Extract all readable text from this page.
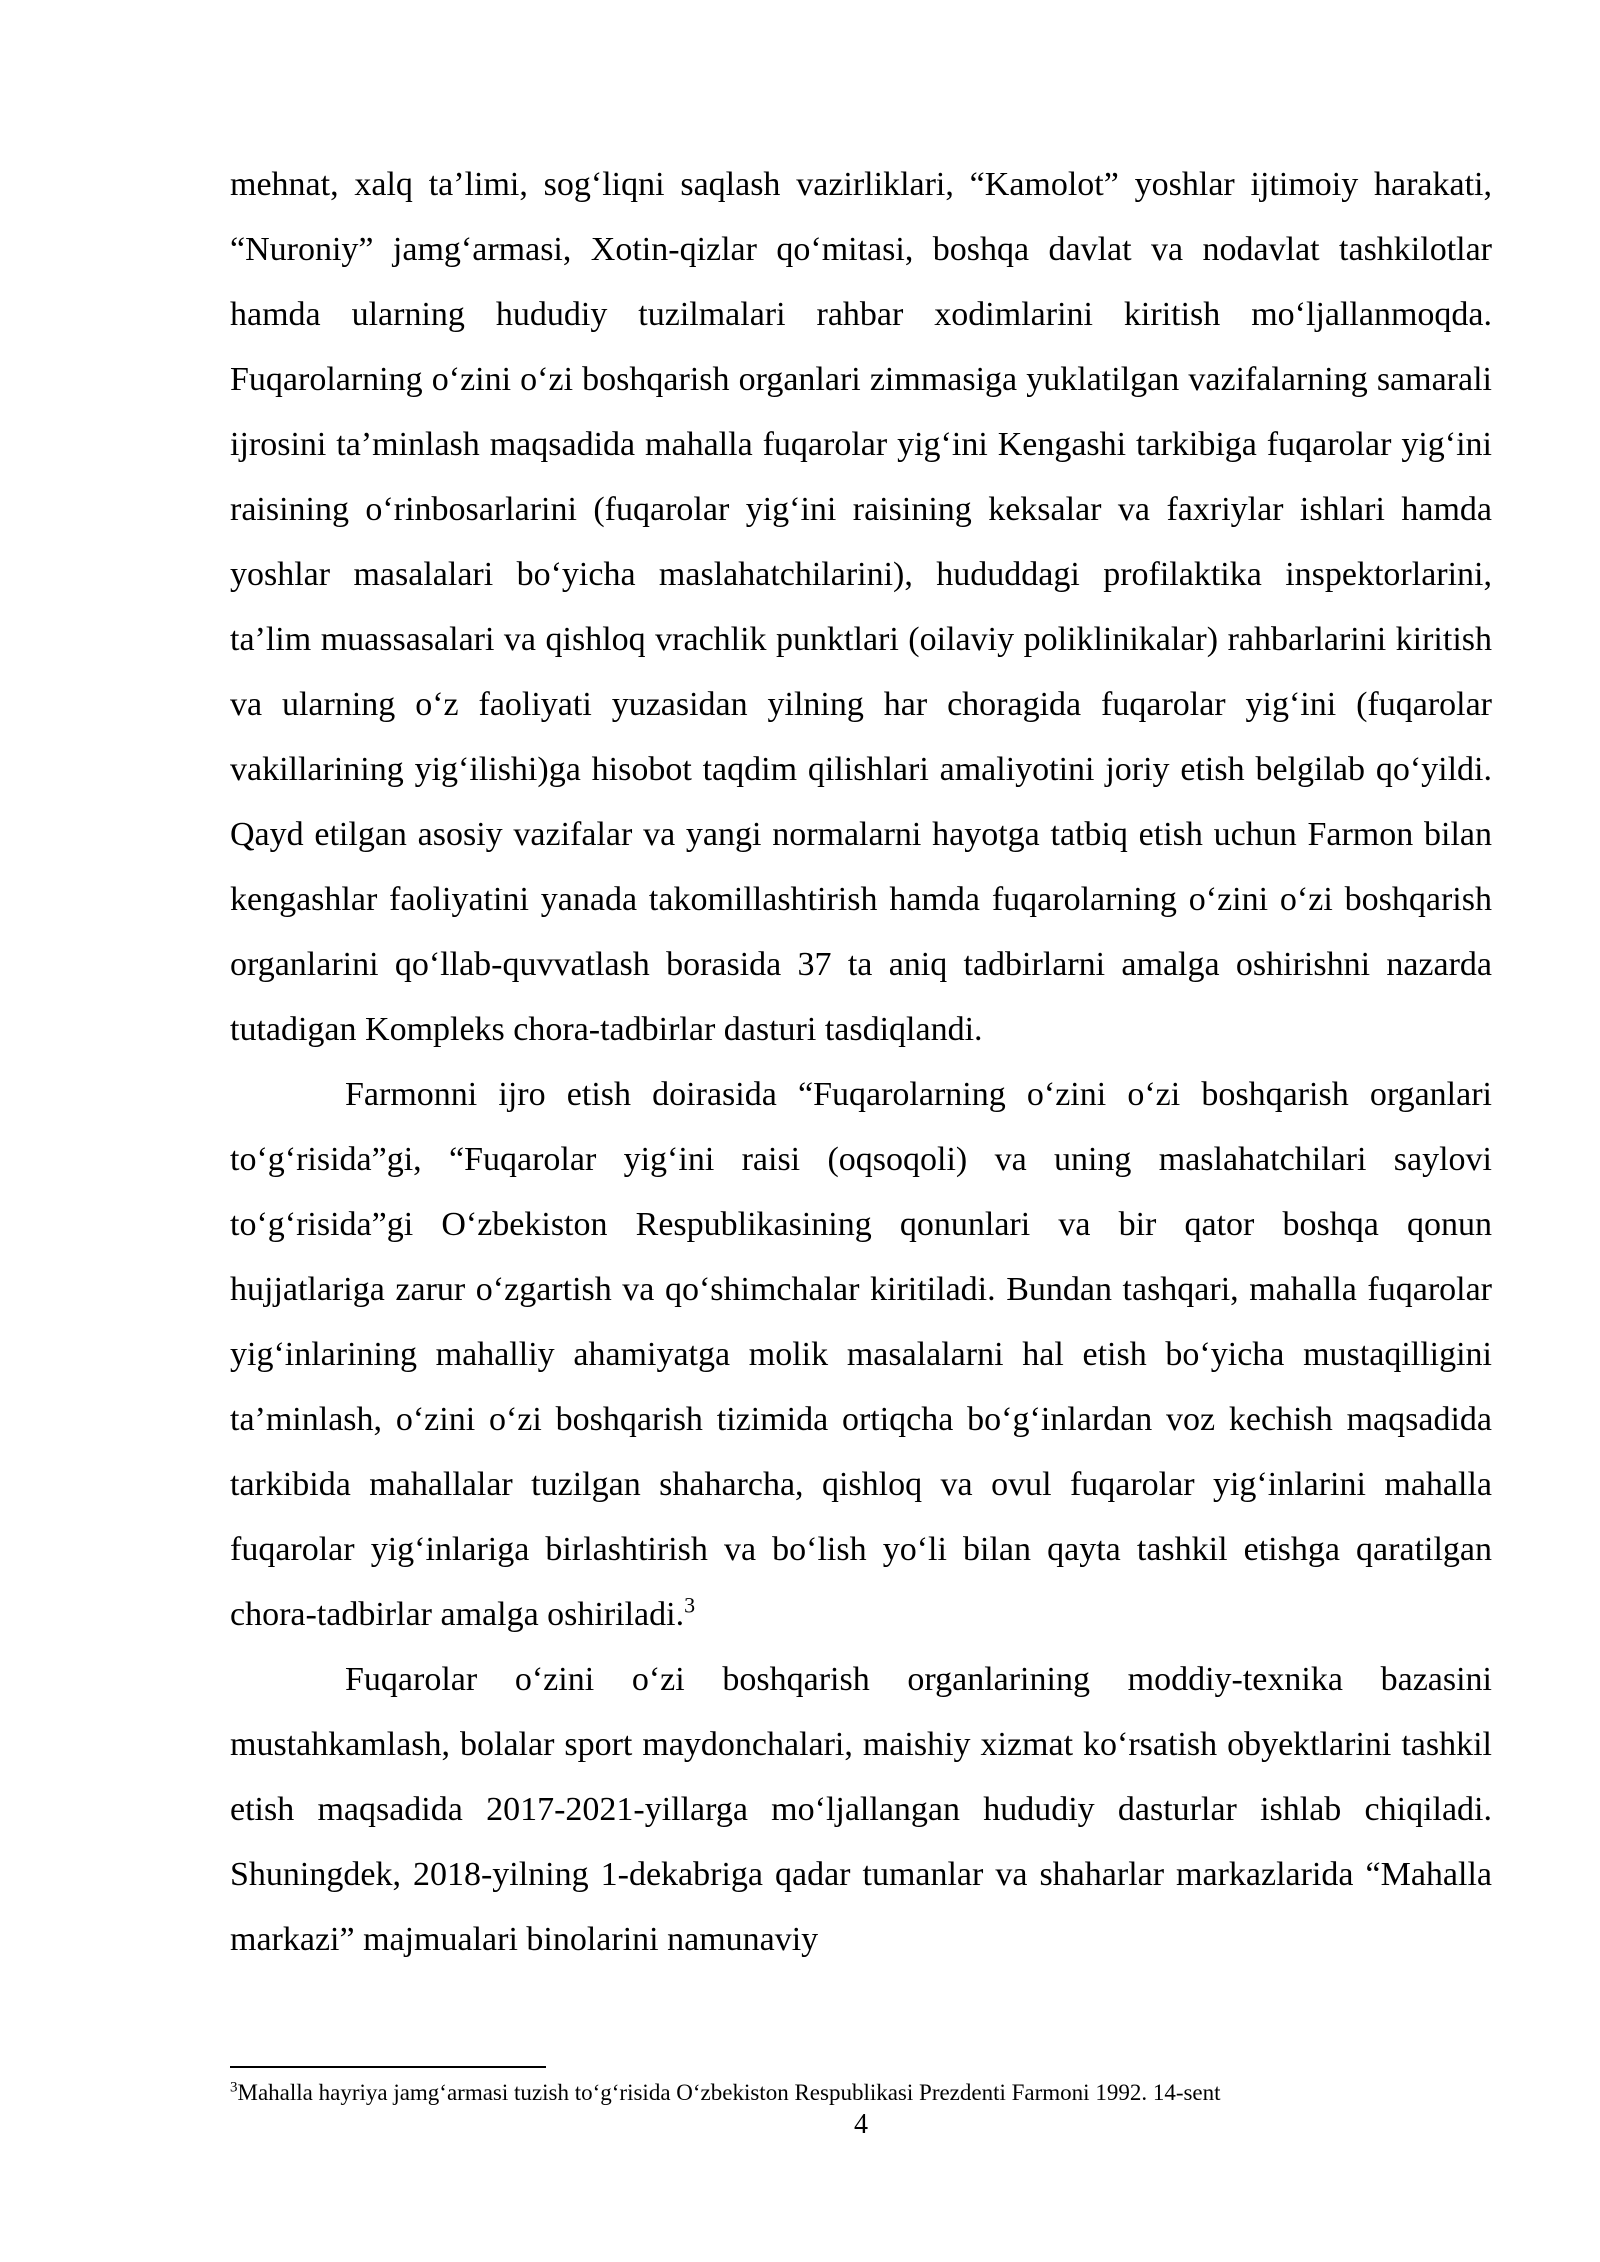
mehnat, xalq ta’limi, sog‘liqni saqlash vazirliklari, “Kamolot” yoshlar ijtimoiy harakati, “Nuroniy” jamg‘armasi, Xotin-qizlar qo‘mitasi, boshqa davlat va nodavlat tashkilotlar hamda ularning hududiy tuzilmalari rahbar xodimlarini kiritish mo‘ljallanmoqda. Fuqarolarning o‘zini o‘zi boshqarish organlari zimmasiga yuklatilgan vazifalarning samarali ijrosini ta’minlash maqsadida mahalla fuqarolar yig‘ini Kengashi tarkibiga fuqarolar yig‘ini raisining o‘rinbosarlarini (fuqarolar yig‘ini raisining keksalar va faxriylar ishlari hamda yoshlar masalalari bo‘yicha maslahatchilarini), hududdagi profilaktika inspektorlarini, ta’lim muassasalari va qishloq vrachlik punktlari (oilaviy poliklinikalar) rahbarlarini kiritish va ularning o‘z faoliyati yuzasidan yilning har choragida fuqarolar yig‘ini (fuqarolar vakillarining yig‘ilishi)ga hisobot taqdim qilishlari amaliyotini joriy etish belgilab qo‘yildi. Qayd etilgan asosiy vazifalar va yangi normalarni hayotga tatbiq etish uchun Farmon bilan kengashlar faoliyatini yanada takomillashtirish hamda fuqarolarning o‘zini o‘zi boshqarish organlarini qo‘llab-quvvatlash borasida 37 ta aniq tadbirlarni amalga oshirishni nazarda tutadigan Kompleks chora-tadbirlar dasturi tasdiqlandi.

Farmonni ijro etish doirasida “Fuqarolarning o‘zini o‘zi boshqarish organlari to‘g‘risida”gi, “Fuqarolar yig‘ini raisi (oqsoqoli) va uning maslahatchilari saylovi to‘g‘risida”gi O‘zbekiston Respublikasining qonunlari va bir qator boshqa qonun hujjatlariga zarur o‘zgartish va qo‘shimchalar kiritiladi. Bundan tashqari, mahalla fuqarolar yig‘inlarining mahalliy ahamiyatga molik masalalarni hal etish bo‘yicha mustaqilligini ta’minlash, o‘zini o‘zi boshqarish tizimida ortiqcha bo‘g‘inlardan voz kechish maqsadida tarkibida mahallalar tuzilgan shaharcha, qishloq va ovul fuqarolar yig‘inlarini mahalla fuqarolar yig‘inlariga birlashtirish va bo‘lish yo‘li bilan qayta tashkil etishga qaratilgan chora-tadbirlar amalga oshiriladi.$^3$

Fuqarolar o‘zini o‘zi boshqarish organlarining moddiy-texnika bazasini mustahkamlash, bolalar sport maydonchalari, maishiy xizmat ko‘rsatish obyektlarini tashkil etish maqsadida 2017-2021-yillarga mo‘ljallangan hududiy dasturlar ishlab chiqiladi. Shuningdek, 2018-yilning 1-dekabriga qadar tumanlar va shaharlar markazlarida “Mahalla markazi” majmualari binolarini namunaviy

$^3$Mahalla hayriya jamg‘armasi tuzish to‘g‘risida O‘zbekiston Respublikasi Prezdenti Farmoni 1992. 14-sent
4
